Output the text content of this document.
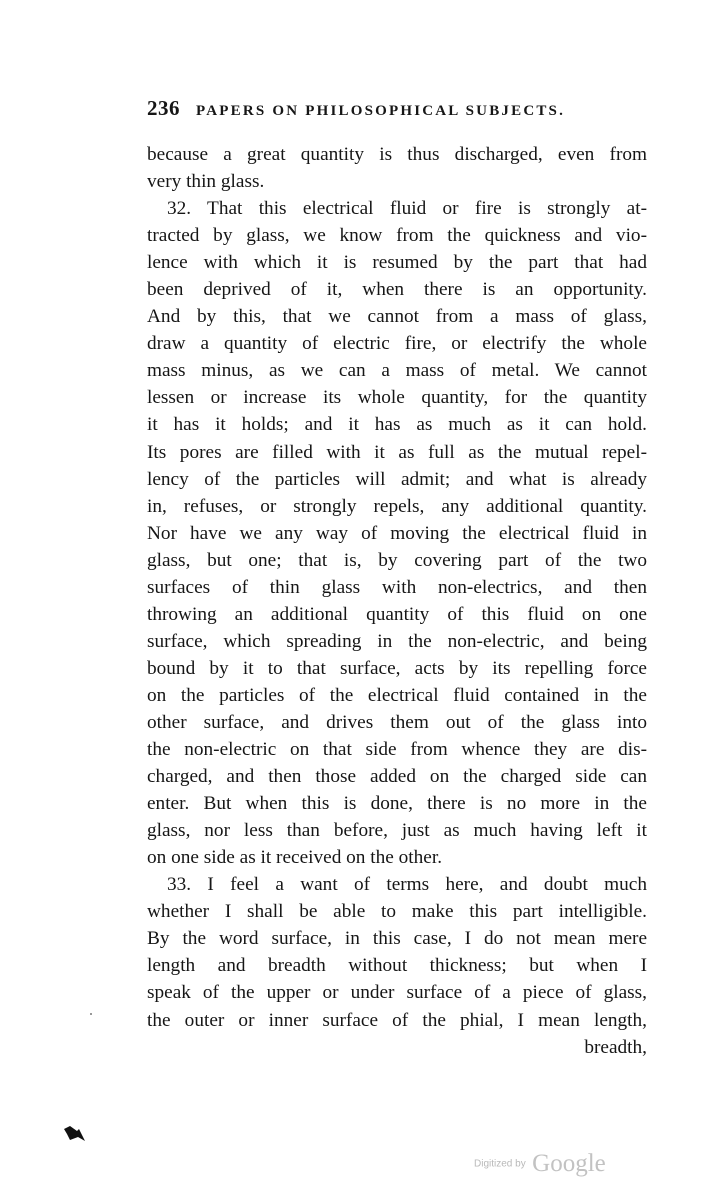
236 PAPERS ON PHILOSOPHICAL SUBJECTS.
because a great quantity is thus discharged, even from
very thin glass.
32. That this electrical fluid or fire is strongly at-
tracted by glass, we know from the quickness and vio-
lence with which it is resumed by the part that had
been deprived of it, when there is an opportunity.
And by this, that we cannot from a mass of glass,
draw a quantity of electric fire, or electrify the whole
mass minus, as we can a mass of metal. We cannot
lessen or increase its whole quantity, for the quantity
it has it holds; and it has as much as it can hold.
Its pores are filled with it as full as the mutual repel-
lency of the particles will admit; and what is already
in, refuses, or strongly repels, any additional quantity.
Nor have we any way of moving the electrical fluid in
glass, but one; that is, by covering part of the two
surfaces of thin glass with non-electrics, and then
throwing an additional quantity of this fluid on one
surface, which spreading in the non-electric, and being
bound by it to that surface, acts by its repelling force
on the particles of the electrical fluid contained in the
other surface, and drives them out of the glass into
the non-electric on that side from whence they are dis-
charged, and then those added on the charged side can
enter. But when this is done, there is no more in the
glass, nor less than before, just as much having left it
on one side as it received on the other.
33. I feel a want of terms here, and doubt much
whether I shall be able to make this part intelligible.
By the word surface, in this case, I do not mean mere
length and breadth without thickness; but when I
speak of the upper or under surface of a piece of glass,
the outer or inner surface of the phial, I mean length,
breadth,
Digitized by Google
